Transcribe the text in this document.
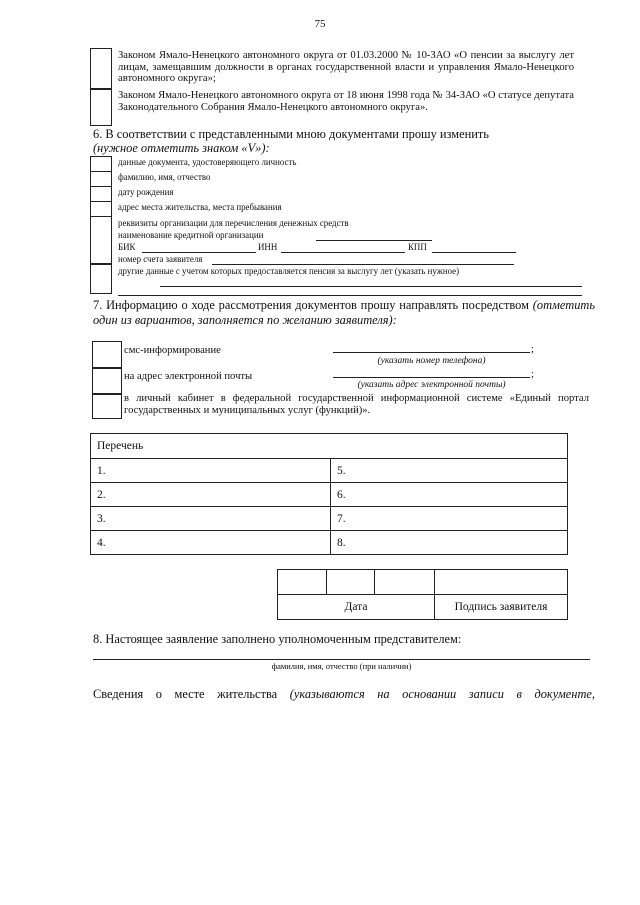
75
Законом Ямало-Ненецкого автономного округа от 01.03.2000 № 10-ЗАО «О пенсии за выслугу лет лицам, замещавшим должности в органах государственной власти и управления Ямало-Ненецкого автономного округа»;
Законом Ямало-Ненецкого автономного округа от 18 июня 1998 года № 34-ЗАО «О статусе депутата Законодательного Собрания Ямало-Ненецкого автономного округа».
6. В соответствии с представленными мною документами прошу изменить
(нужное отметить знаком «V»):
данные документа, удостоверяющего личность
фамилию, имя, отчество
дату рождения
адрес места жительства, места пребывания
реквизиты организации для перечисления денежных средств
наименование кредитной организации
БИК	ИНН	КПП
номер счета заявителя
другие данные с учетом которых предоставляется пенсия за выслугу лет (указать нужное)
7. Информацию о ходе рассмотрения документов прошу направлять посредством (отметить один из вариантов, заполняется по желанию заявителя):
смс-информирование	;
(указать номер телефона)
на адрес электронной почты	;
(указать адрес электронной почты)
в личный кабинет в федеральной государственной информационной системе «Единый портал государственных и муниципальных услуг (функций)».
Перечень	
1.	5.
2.	6.
3.	7.
4.	8.

Дата			Подпись заявителя
8. Настоящее заявление заполнено уполномоченным представителем:
фамилия, имя, отчество (при наличии)
Сведения о месте жительства (указываются на основании записи в документе,
